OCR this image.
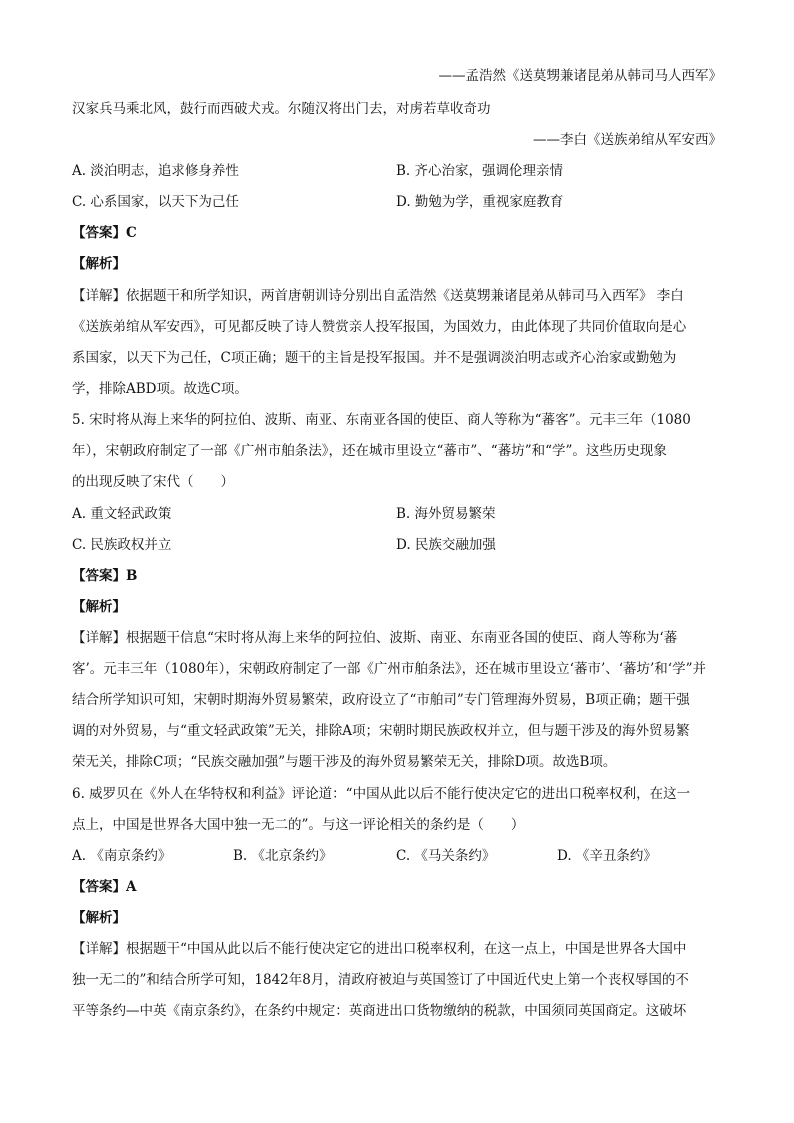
——孟浩然《送莫甥兼诸昆弟从韩司马人西军》
汉家兵马乘北风，鼓行而西破犬戎。尔随汉将出门去，对虏若草收奇功
——李白《送族弟绾从军安西》
A. 淡泊明志，追求修身养性	B. 齐心治家，强调伦理亲情
C. 心系国家，以天下为己任	D. 勤勉为学，重视家庭教育
【答案】C
【解析】
【详解】依据题干和所学知识，两首唐朝训诗分别出自孟浩然《送莫甥兼诸昆弟从韩司马入西军》 李白
《送族弟绾从军安西》，可见都反映了诗人赞赏亲人投军报国，为国效力，由此体现了共同价值取向是心
系国家，以天下为己任，C项正确；题干的主旨是投军报国。并不是强调淡泊明志或齐心治家或勤勉为
学，排除ABD项。故选C项。
5. 宋时将从海上来华的阿拉伯、波斯、南亚、东南亚各国的使臣、商人等称为“蕃客”。元丰三年（1080
年），宋朝政府制定了一部《广州市舶条法》，还在城市里设立“蕃市”、“蕃坊”和“学”。这些历史现象
的出现反映了宋代（　　）
A. 重文轻武政策	B. 海外贸易繁荣
C. 民族政权并立	D. 民族交融加强
【答案】B
【解析】
【详解】根据题干信息“宋时将从海上来华的阿拉伯、波斯、南亚、东南亚各国的使臣、商人等称为‘蕃
客’。元丰三年（1080年），宋朝政府制定了一部《广州市舶条法》，还在城市里设立‘蕃市’、‘蕃坊’和‘学”并
结合所学知识可知，宋朝时期海外贸易繁荣，政府设立了“市舶司”专门管理海外贸易，B项正确；题干强
调的对外贸易，与“重文轻武政策”无关，排除A项；宋朝时期民族政权并立，但与题干涉及的海外贸易繁
荣无关，排除C项；“民族交融加强”与题干涉及的海外贸易繁荣无关，排除D项。故选B项。
6. 威罗贝在《外人在华特权和利益》评论道：“中国从此以后不能行使决定它的进出口税率权利，在这一
点上，中国是世界各大国中独一无二的”。与这一评论相关的条约是（　　）
A. 《南京条约》	B. 《北京条约》	C. 《马关条约》	D. 《辛丑条约》
【答案】A
【解析】
【详解】根据题干“中国从此以后不能行使决定它的进出口税率权利，在这一点上，中国是世界各大国中
独一无二的”和结合所学可知，1842年8月，清政府被迫与英国签订了中国近代史上第一个丧权辱国的不
平等条约—中英《南京条约》，在条约中规定：英商进出口货物缴纳的税款，中国须同英国商定。这破坏
